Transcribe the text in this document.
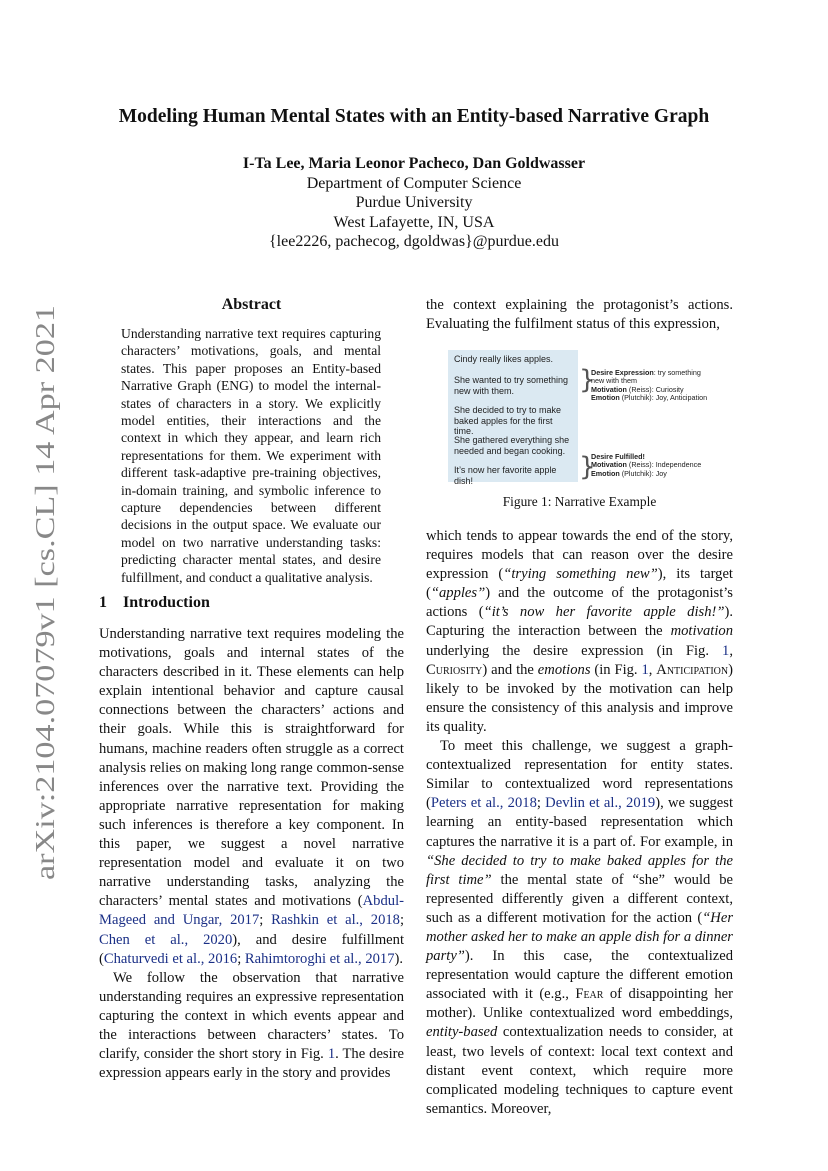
arXiv:2104.07079v1 [cs.CL] 14 Apr 2021
Modeling Human Mental States with an Entity-based Narrative Graph
I-Ta Lee, Maria Leonor Pacheco, Dan Goldwasser
Department of Computer Science
Purdue University
West Lafayette, IN, USA
{lee2226, pachecog, dgoldwas}@purdue.edu
Abstract
Understanding narrative text requires capturing characters’ motivations, goals, and mental states. This paper proposes an Entity-based Narrative Graph (ENG) to model the internal-states of characters in a story. We explicitly model entities, their interactions and the context in which they appear, and learn rich representations for them. We experiment with different task-adaptive pre-training objectives, in-domain training, and symbolic inference to capture dependencies between different decisions in the output space. We evaluate our model on two narrative understanding tasks: predicting character mental states, and desire fulfillment, and conduct a qualitative analysis.
1 Introduction

Understanding narrative text requires modeling the motivations, goals and internal states of the characters described in it. These elements can help explain intentional behavior and capture causal connections between the characters’ actions and their goals. While this is straightforward for humans, machine readers often struggle as a correct analysis relies on making long range common-sense inferences over the narrative text. Providing the appropriate narrative representation for making such inferences is therefore a key component. In this paper, we suggest a novel narrative representation model and evaluate it on two narrative understanding tasks, analyzing the characters’ mental states and motivations (Abdul-Mageed and Ungar, 2017; Rashkin et al., 2018; Chen et al., 2020), and desire fulfillment (Chaturvedi et al., 2016; Rahimtoroghi et al., 2017).

We follow the observation that narrative understanding requires an expressive representation capturing the context in which events appear and the interactions between characters’ states. To clarify, consider the short story in Fig. 1. The desire expression appears early in the story and provides

the context explaining the protagonist’s actions. Evaluating the fulfilment status of this expression,
Cindy really likes apples.
She wanted to try something new with them.
She decided to try to make baked apples for the first time.
She gathered everything she needed and began cooking.
It’s now her favorite apple dish!
}
Desire Expression: try something new with them
Motivation (Reiss): Curiosity
Emotion (Plutchik): Joy, Anticipation
}
Desire Fulfilled!
Motivation (Reiss): Independence
Emotion (Plutchik): Joy
Figure 1: Narrative Example

which tends to appear towards the end of the story, requires models that can reason over the desire expression (“trying something new”), its target (“apples”) and the outcome of the protagonist’s actions (“it’s now her favorite apple dish!”). Capturing the interaction between the motivation underlying the desire expression (in Fig. 1, Curiosity) and the emotions (in Fig. 1, Anticipation) likely to be invoked by the motivation can help ensure the consistency of this analysis and improve its quality.

To meet this challenge, we suggest a graph-contextualized representation for entity states. Similar to contextualized word representations (Peters et al., 2018; Devlin et al., 2019), we suggest learning an entity-based representation which captures the narrative it is a part of. For example, in “She decided to try to make baked apples for the first time” the mental state of “she” would be represented differently given a different context, such as a different motivation for the action (“Her mother asked her to make an apple dish for a dinner party”). In this case, the contextualized representation would capture the different emotion associated with it (e.g., Fear of disappointing her mother). Unlike contextualized word embeddings, entity-based contextualization needs to consider, at least, two levels of context: local text context and distant event context, which require more complicated modeling techniques to capture event semantics. Moreover,
